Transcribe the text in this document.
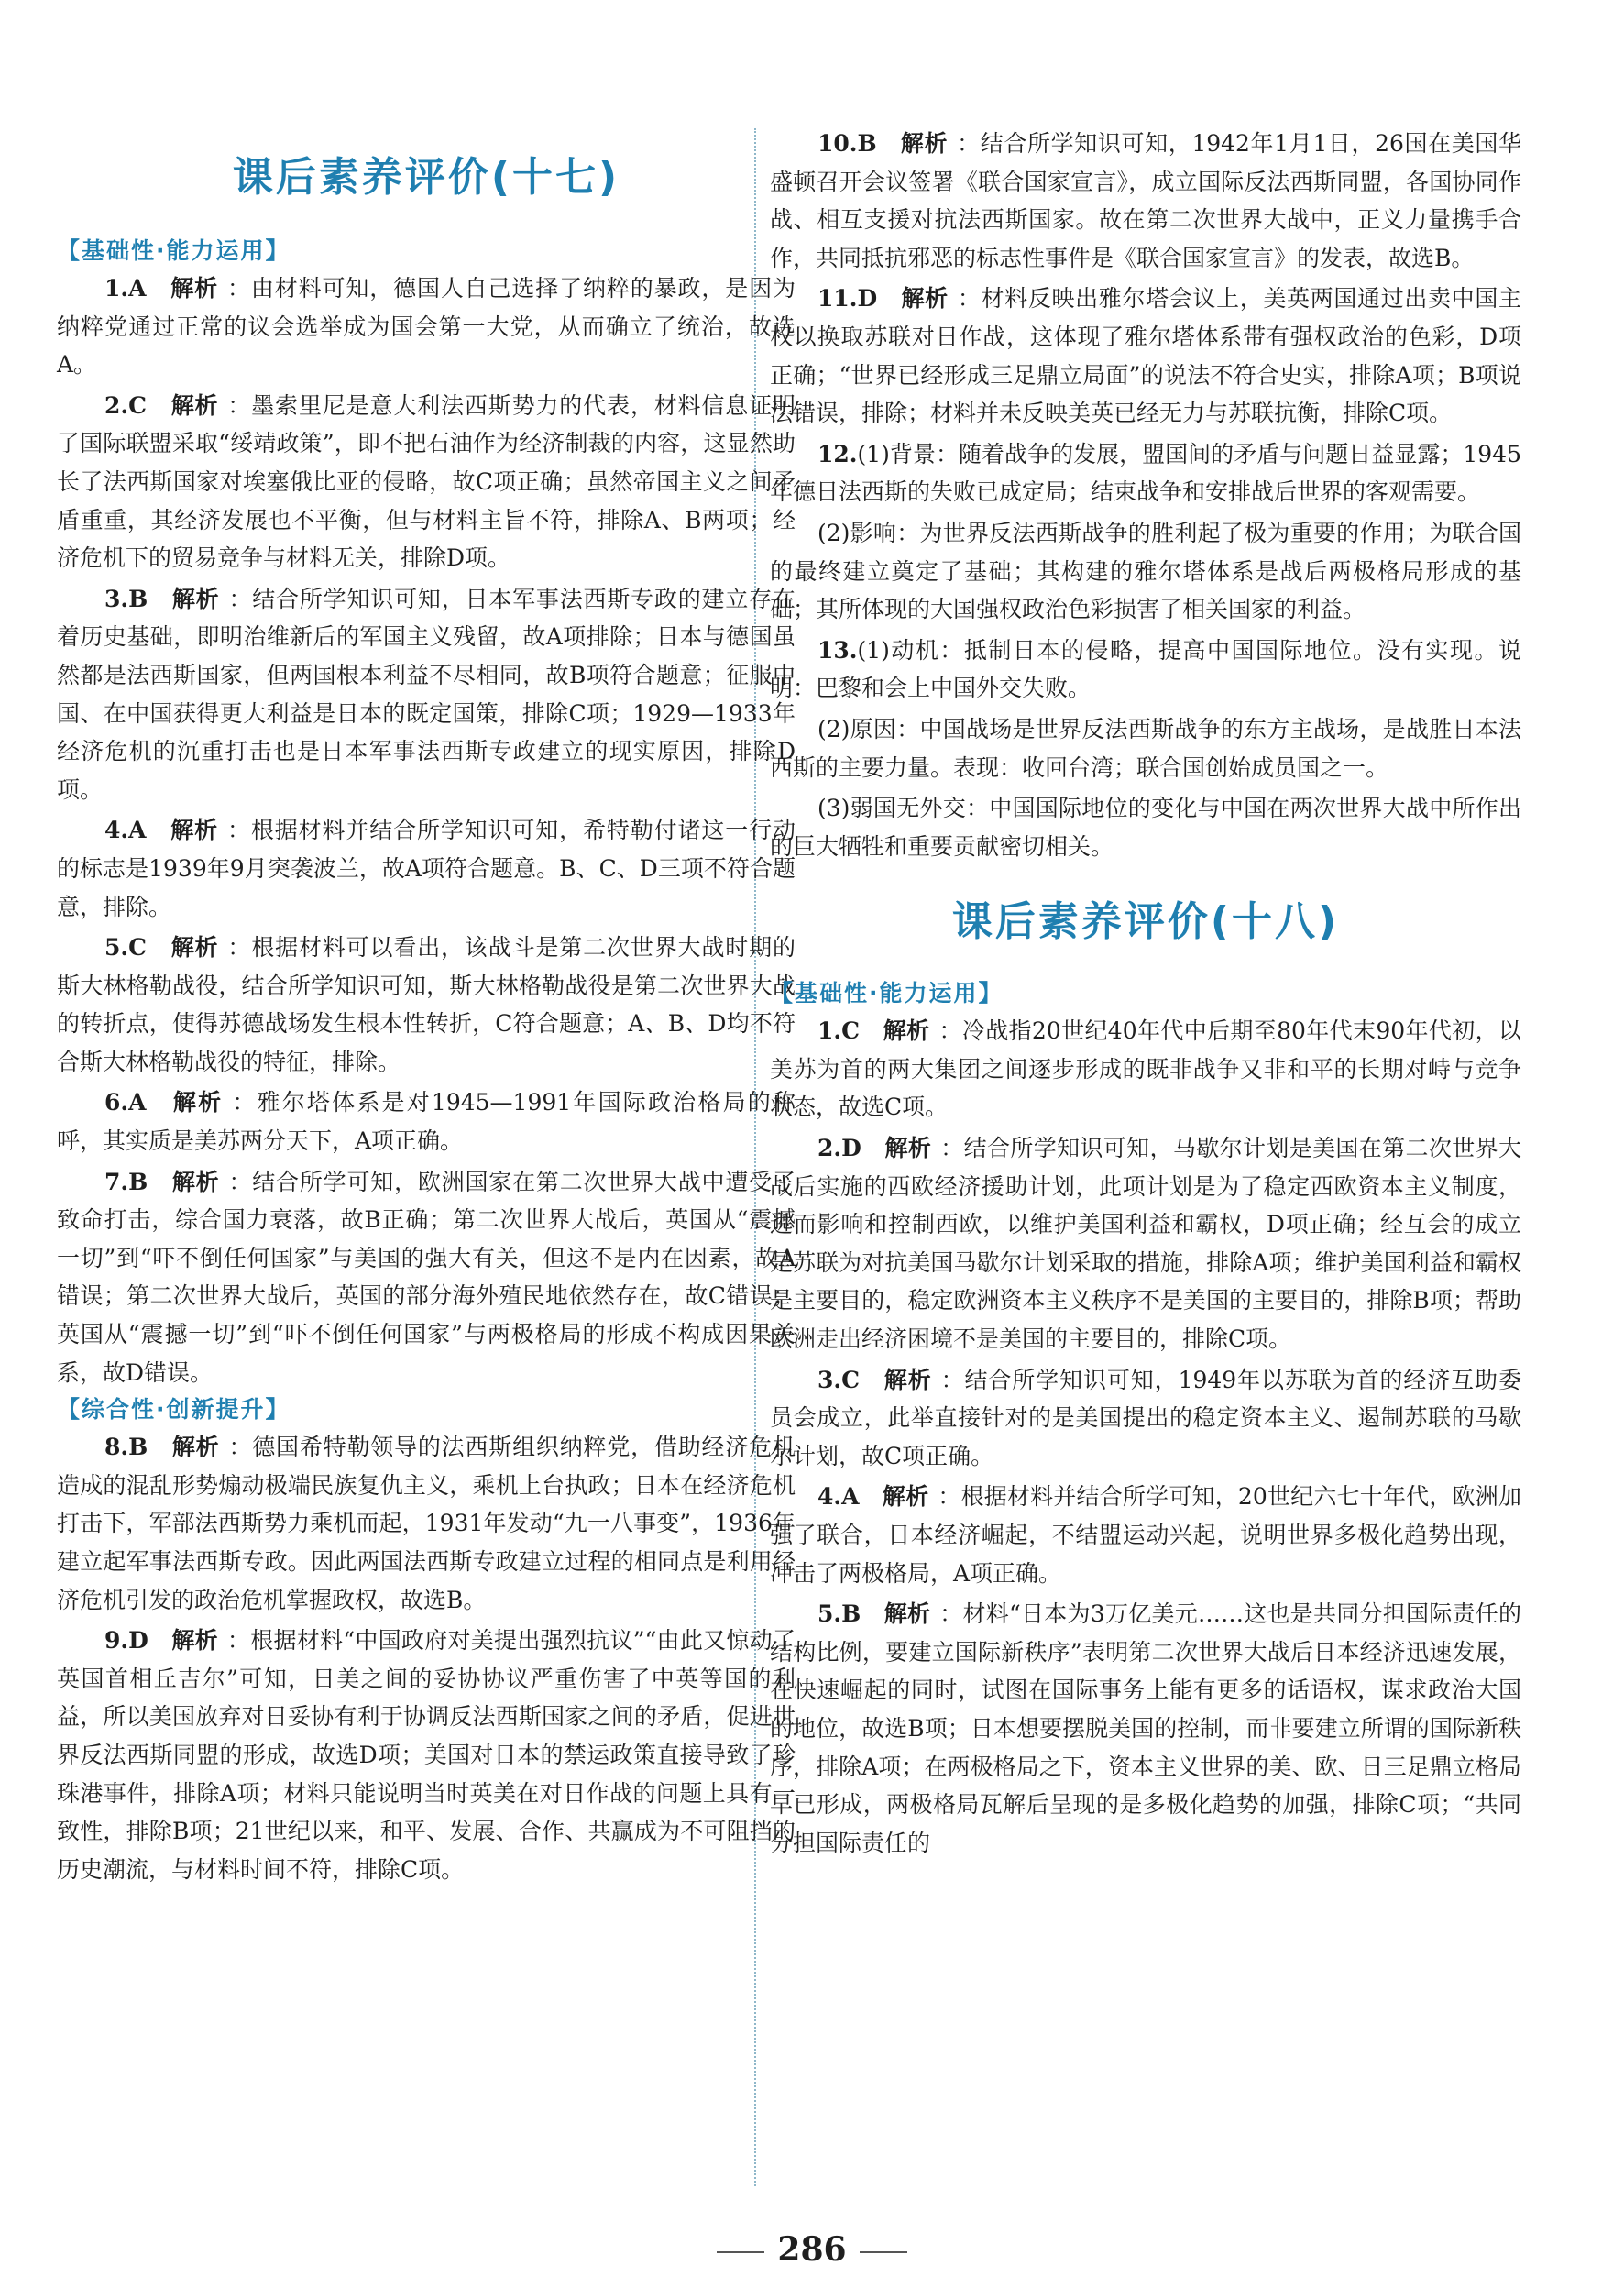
课后素养评价(十七)
【基础性·能力运用】

1.A　 解析 ：由材料可知，德国人自己选择了纳粹的暴政，是因为纳粹党通过正常的议会选举成为国会第一大党，从而确立了统治，故选A。

2.C　 解析 ：墨索里尼是意大利法西斯势力的代表，材料信息证明了国际联盟采取“绥靖政策”，即不把石油作为经济制裁的内容，这显然助长了法西斯国家对埃塞俄比亚的侵略，故C项正确；虽然帝国主义之间矛盾重重，其经济发展也不平衡，但与材料主旨不符，排除A、B两项；经济危机下的贸易竞争与材料无关，排除D项。

3.B　 解析 ：结合所学知识可知，日本军事法西斯专政的建立存在着历史基础，即明治维新后的军国主义残留，故A项排除；日本与德国虽然都是法西斯国家，但两国根本利益不尽相同，故B项符合题意；征服中国、在中国获得更大利益是日本的既定国策，排除C项；1929—1933年经济危机的沉重打击也是日本军事法西斯专政建立的现实原因，排除D项。

4.A　 解析 ：根据材料并结合所学知识可知，希特勒付诸这一行动的标志是1939年9月突袭波兰，故A项符合题意。B、C、D三项不符合题意，排除。

5.C　 解析 ：根据材料可以看出，该战斗是第二次世界大战时期的斯大林格勒战役，结合所学知识可知，斯大林格勒战役是第二次世界大战的转折点，使得苏德战场发生根本性转折，C符合题意；A、B、D均不符合斯大林格勒战役的特征，排除。

6.A　 解析 ：雅尔塔体系是对1945—1991年国际政治格局的称呼，其实质是美苏两分天下，A项正确。

7.B　 解析 ：结合所学可知，欧洲国家在第二次世界大战中遭受了致命打击，综合国力衰落，故B正确；第二次世界大战后，英国从“震撼一切”到“吓不倒任何国家”与美国的强大有关，但这不是内在因素，故A错误；第二次世界大战后，英国的部分海外殖民地依然存在，故C错误；英国从“震撼一切”到“吓不倒任何国家”与两极格局的形成不构成因果关系，故D错误。

【综合性·创新提升】

8.B　 解析 ：德国希特勒领导的法西斯组织纳粹党，借助经济危机造成的混乱形势煽动极端民族复仇主义，乘机上台执政；日本在经济危机打击下，军部法西斯势力乘机而起，1931年发动“九一八事变”，1936年建立起军事法西斯专政。因此两国法西斯专政建立过程的相同点是利用经济危机引发的政治危机掌握政权，故选B。

9.D　 解析 ：根据材料“中国政府对美提出强烈抗议”“由此又惊动了英国首相丘吉尔”可知，日美之间的妥协协议严重伤害了中英等国的利益，所以美国放弃对日妥协有利于协调反法西斯国家之间的矛盾，促进世界反法西斯同盟的形成，故选D项；美国对日本的禁运政策直接导致了珍珠港事件，排除A项；材料只能说明当时英美在对日作战的问题上具有一致性，排除B项；21世纪以来，和平、发展、合作、共赢成为不可阻挡的历史潮流，与材料时间不符，排除C项。

10.B　 解析 ：结合所学知识可知，1942年1月1日，26国在美国华盛顿召开会议签署《联合国家宣言》，成立国际反法西斯同盟，各国协同作战、相互支援对抗法西斯国家。故在第二次世界大战中，正义力量携手合作，共同抵抗邪恶的标志性事件是《联合国家宣言》的发表，故选B。

11.D　 解析 ：材料反映出雅尔塔会议上，美英两国通过出卖中国主权以换取苏联对日作战，这体现了雅尔塔体系带有强权政治的色彩，D项正确；“世界已经形成三足鼎立局面”的说法不符合史实，排除A项；B项说法错误，排除；材料并未反映美英已经无力与苏联抗衡，排除C项。

12.(1)背景：随着战争的发展，盟国间的矛盾与问题日益显露；1945年德日法西斯的失败已成定局；结束战争和安排战后世界的客观需要。

(2)影响：为世界反法西斯战争的胜利起了极为重要的作用；为联合国的最终建立奠定了基础；其构建的雅尔塔体系是战后两极格局形成的基础；其所体现的大国强权政治色彩损害了相关国家的利益。

13.(1)动机：抵制日本的侵略，提高中国国际地位。没有实现。说明：巴黎和会上中国外交失败。

(2)原因：中国战场是世界反法西斯战争的东方主战场，是战胜日本法西斯的主要力量。表现：收回台湾；联合国创始成员国之一。

(3)弱国无外交：中国国际地位的变化与中国在两次世界大战中所作出的巨大牺牲和重要贡献密切相关。

课后素养评价(十八)
【基础性·能力运用】

1.C　 解析 ：冷战指20世纪40年代中后期至80年代末90年代初，以美苏为首的两大集团之间逐步形成的既非战争又非和平的长期对峙与竞争状态，故选C项。

2.D　 解析 ：结合所学知识可知，马歇尔计划是美国在第二次世界大战后实施的西欧经济援助计划，此项计划是为了稳定西欧资本主义制度，进而影响和控制西欧，以维护美国利益和霸权，D项正确；经互会的成立是苏联为对抗美国马歇尔计划采取的措施，排除A项；维护美国利益和霸权是主要目的，稳定欧洲资本主义秩序不是美国的主要目的，排除B项；帮助欧洲走出经济困境不是美国的主要目的，排除C项。

3.C　 解析 ：结合所学知识可知，1949年以苏联为首的经济互助委员会成立，此举直接针对的是美国提出的稳定资本主义、遏制苏联的马歇尔计划，故C项正确。

4.A　 解析 ：根据材料并结合所学可知，20世纪六七十年代，欧洲加强了联合，日本经济崛起，不结盟运动兴起，说明世界多极化趋势出现，冲击了两极格局，A项正确。

5.B　 解析 ：材料“日本为3万亿美元……这也是共同分担国际责任的结构比例，要建立国际新秩序”表明第二次世界大战后日本经济迅速发展，在快速崛起的同时，试图在国际事务上能有更多的话语权，谋求政治大国的地位，故选B项；日本想要摆脱美国的控制，而非要建立所谓的国际新秩序，排除A项；在两极格局之下，资本主义世界的美、欧、日三足鼎立格局早已形成，两极格局瓦解后呈现的是多极化趋势的加强，排除C项；“共同分担国际责任的

286
